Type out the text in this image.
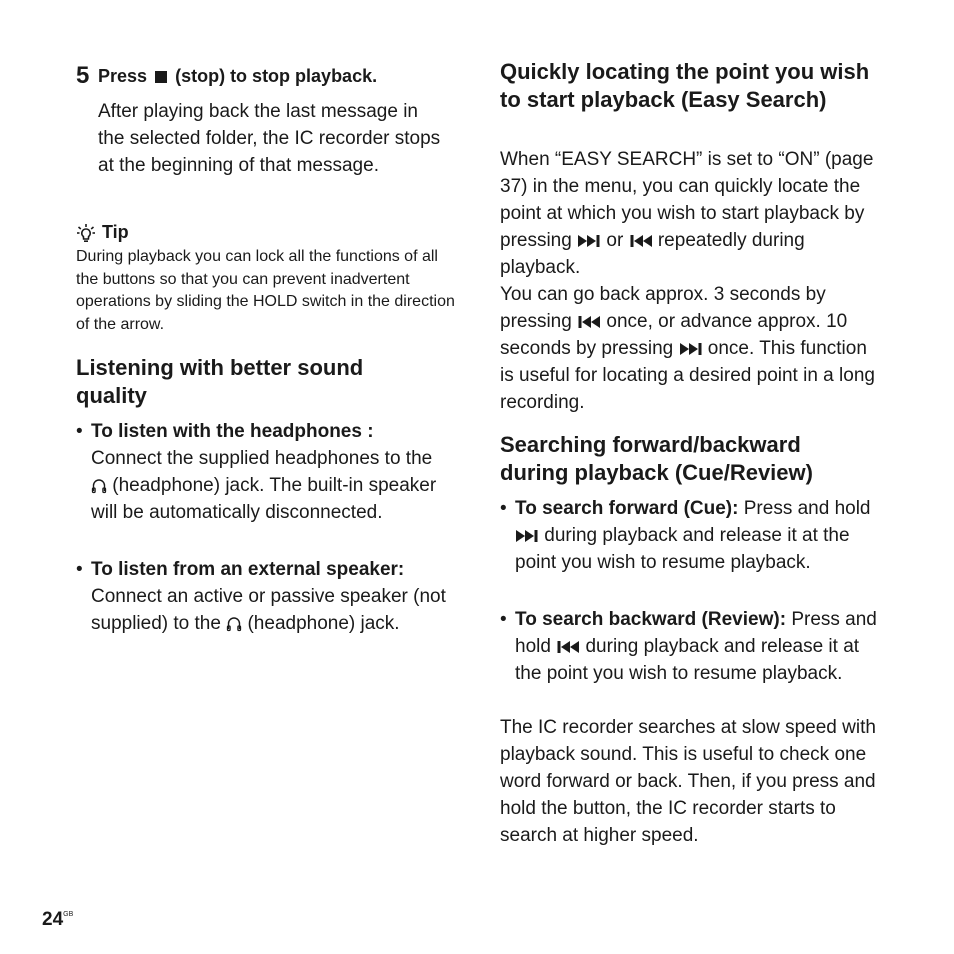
5 Press (stop) to stop playback.
After playing back the last message in the selected folder, the IC recorder stops at the beginning of that message.
Tip
During playback you can lock all the functions of all the buttons so that you can prevent inadvertent operations by sliding the HOLD switch in the direction of the arrow.
Listening with better sound quality
• To listen with the headphones :
Connect the supplied headphones to the  (headphone) jack. The built-in speaker will be automatically disconnected.
• To listen from an external speaker:
Connect an active or passive speaker (not supplied) to the (headphone) jack.
Quickly locating the point you wish to start playback (Easy Search)
When “EASY SEARCH” is set to “ON” (page 37) in the menu, you can quickly locate the point at which you wish to start playback by pressing or repeatedly during playback.
You can go back approx. 3 seconds by pressing once, or advance approx. 10 seconds by pressing once. This function is useful for locating a desired point in a long recording.
Searching forward/backward during playback (Cue/Review)
• To search forward (Cue): Press and hold  during playback and release it at the point you wish to resume playback.
• To search backward (Review): Press and hold during playback and release it at the point you wish to resume playback.
The IC recorder searches at slow speed with playback sound. This is useful to check one word forward or back. Then, if you press and hold the button, the IC recorder starts to search at higher speed.
$24^{GB}$
